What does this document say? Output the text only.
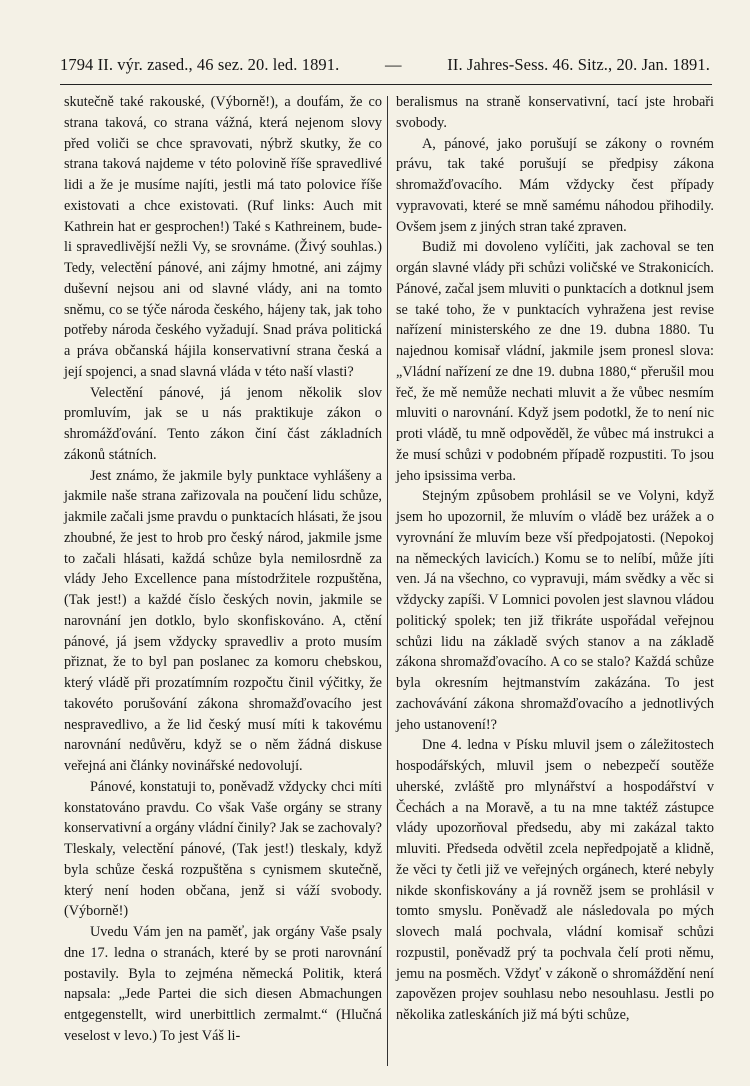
1794 II. výr. zased., 46 sez. 20. led. 1891.	—	II. Jahres-Sess. 46. Sitz., 20. Jan. 1891.

skutečně také rakouské, (Výborně!), a doufám, že co strana taková, co strana vážná, která nejenom slovy před voliči se chce spravovati, nýbrž skutky, že co strana taková najdeme v této polovině říše spravedlivé lidi a že je musíme najíti, jestli má tato polovice říše existovati a chce existovati. (Ruf links: Auch mit Kathrein hat er gesprochen!) Také s Kathreinem, bude-li spravedlivější nežli Vy, se srovnáme. (Živý souhlas.) Tedy, velectění pánové, ani zájmy hmotné, ani zájmy duševní nejsou ani od slavné vlády, ani na tomto sněmu, co se týče národa českého, hájeny tak, jak toho potřeby národa českého vyžadují. Snad práva politická a práva občanská hájila konservativní strana česká a její spojenci, a snad slavná vláda v této naší vlasti?

Velectění pánové, já jenom několik slov promluvím, jak se u nás praktikuje zákon o shromážďování. Tento zákon činí část základních zákonů státních.

Jest známo, že jakmile byly punktace vyhlášeny a jakmile naše strana zařizovala na poučení lidu schůze, jakmile začali jsme pravdu o punktacích hlásati, že jsou zhoubné, že jest to hrob pro český národ, jakmile jsme to začali hlásati, každá schůze byla nemilosrdně za vlády Jeho Excellence pana místodržitele rozpuštěna, (Tak jest!) a každé číslo českých novin, jakmile se narovnání jen dotklo, bylo skonfiskováno. A, ctění pánové, já jsem vždycky spravedliv a proto musím přiznat, že to byl pan poslanec za komoru chebskou, který vládě při prozatímním rozpočtu činil výčitky, že takovéto porušování zákona shromažďovacího jest nespravedlivo, a že lid český musí míti k takovému narovnání nedůvěru, když se o něm žádná diskuse veřejná ani články novinářské nedovolují.

Pánové, konstatuji to, poněvadž vždycky chci míti konstatováno pravdu. Co však Vaše orgány se strany konservativní a orgány vládní činily? Jak se zachovaly? Tleskaly, velectění pánové, (Tak jest!) tleskaly, když byla schůze česká rozpuštěna s cynismem skutečně, který není hoden občana, jenž si váží svobody. (Výborně!)

Uvedu Vám jen na paměť, jak orgány Vaše psaly dne 17. ledna o stranách, které by se proti narovnání postavily. Byla to zejména německá Politik, která napsala: „Jede Partei die sich diesen Abmachungen entgegenstellt, wird unerbittlich zermalmt.“ (Hlučná veselost v levo.) To jest Váš li-

beralismus na straně konservativní, tací jste hrobaři svobody.

A, pánové, jako porušují se zákony o rovném právu, tak také porušují se předpisy zákona shromažďovacího. Mám vždycky čest případy vypravovati, které se mně samému náhodou přihodily. Ovšem jsem z jiných stran také zpraven.

Budiž mi dovoleno vylíčiti, jak zachoval se ten orgán slavné vlády při schůzi voličské ve Strakonicích. Pánové, začal jsem mluviti o punktacích a dotknul jsem se také toho, že v punktacích vyhražena jest revise nařízení ministerského ze dne 19. dubna 1880. Tu najednou komisař vládní, jakmile jsem pronesl slova: „Vládní nařízení ze dne 19. dubna 1880,“ přerušil mou řeč, že mě nemůže nechati mluvit a že vůbec nesmím mluviti o narovnání. Když jsem podotkl, že to není nic proti vládě, tu mně odpověděl, že vůbec má instrukci a že musí schůzi v podobném případě rozpustiti. To jsou jeho ipsissima verba.

Stejným způsobem prohlásil se ve Volyni, když jsem ho upozornil, že mluvím o vládě bez urážek a o vyrovnání že mluvím beze vší předpojatosti. (Nepokoj na německých lavicích.) Komu se to nelíbí, může jíti ven. Já na všechno, co vypravuji, mám svědky a věc si vždycky zapíši. V Lomnici povolen jest slavnou vládou politický spolek; ten již třikráte uspořádal veřejnou schůzi lidu na základě svých stanov a na základě zákona shromažďovacího. A co se stalo? Každá schůze byla okresním hejtmanstvím zakázána. To jest zachovávání zákona shromažďovacího a jednotlivých jeho ustanovení!?

Dne 4. ledna v Písku mluvil jsem o záležitostech hospodářských, mluvil jsem o nebezpečí soutěže uherské, zvláště pro mlynářství a hospodářství v Čechách a na Moravě, a tu na mne taktéž zástupce vlády upozorňoval předsedu, aby mi zakázal takto mluviti. Předseda odvětil zcela nepředpojatě a klidně, že věci ty četli již ve veřejných orgánech, které nebyly nikde skonfiskovány a já rovněž jsem se prohlásil v tomto smyslu. Poněvadž ale následovala po mých slovech malá pochvala, vládní komisař schůzi rozpustil, poněvadž prý ta pochvala čelí proti němu, jemu na posměch. Vždyť v zákoně o shromáždění není zapovězen projev souhlasu nebo nesouhlasu. Jestli po několika zatleskáních již má býti schůze,
